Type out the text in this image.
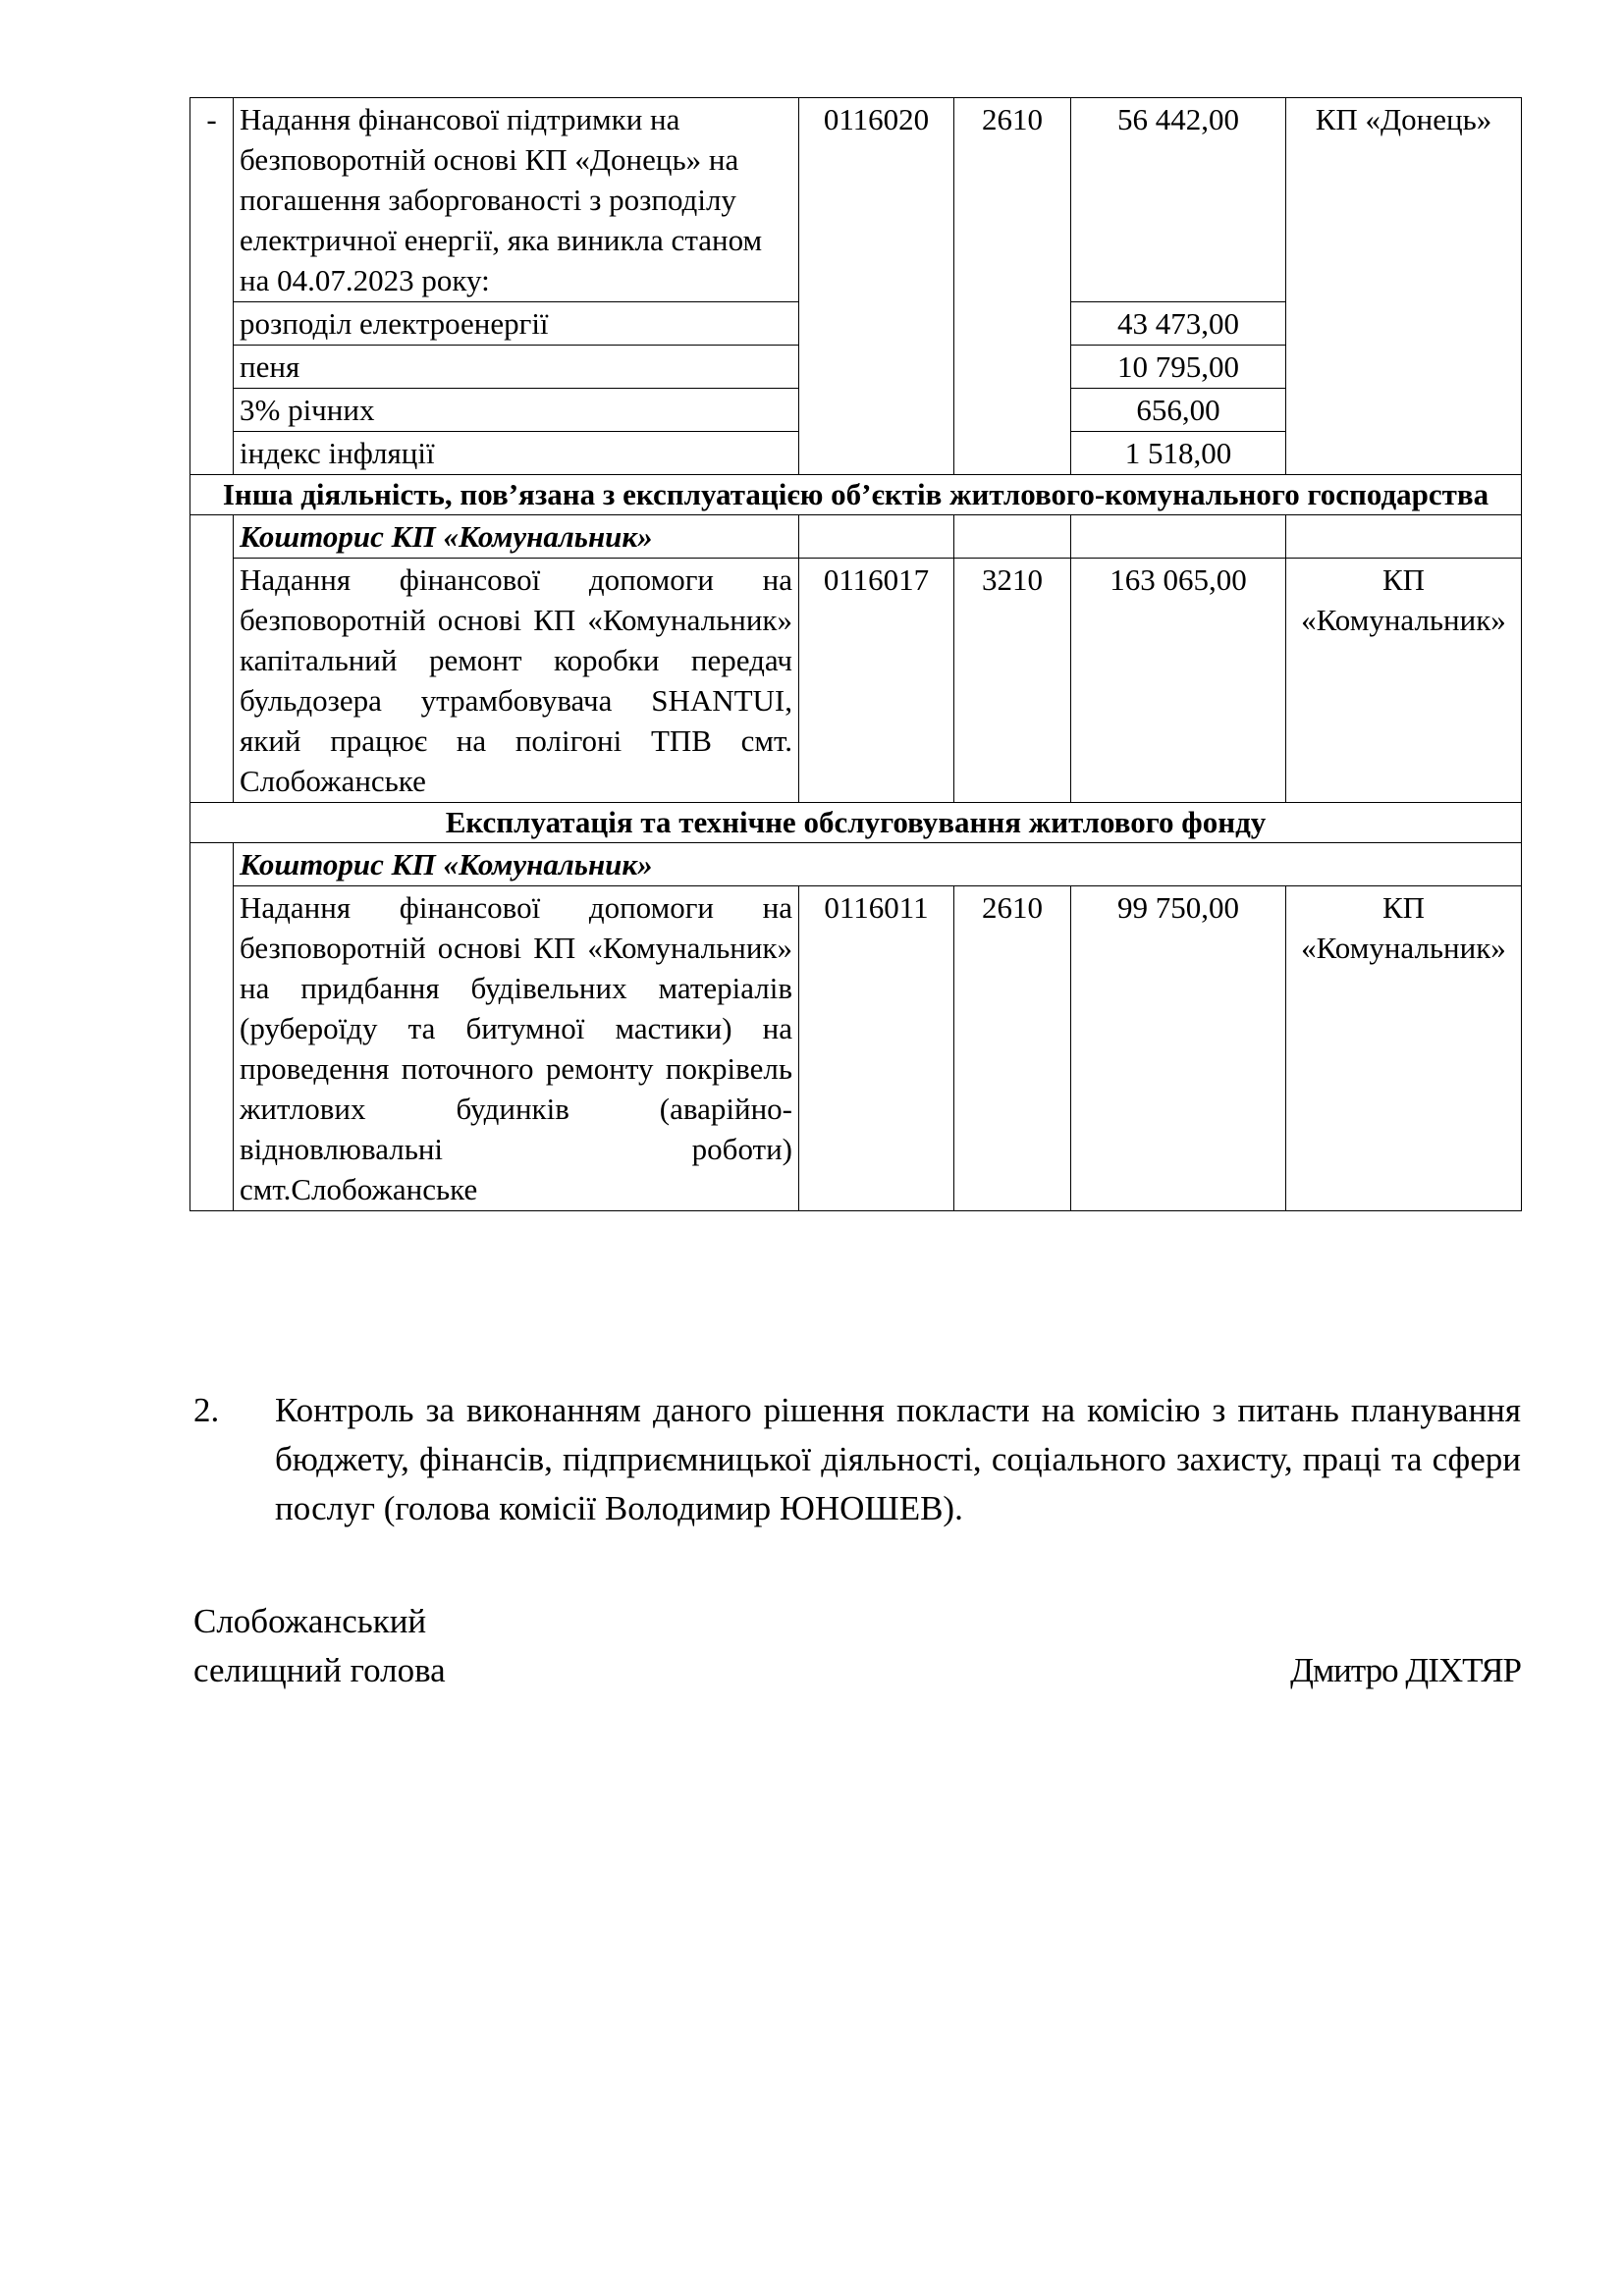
-	Надання фінансової підтримки на безповоротній основі КП «Донець» на погашення заборгованості з розподілу електричної енергії, яка виникла станом на 04.07.2023 року:	0116020	2610	56 442,00	КП «Донець»
	розподіл електроенергії			43 473,00	
	пеня			10 795,00	
	3% річних			656,00	
	індекс інфляції			1 518,00	
Інша діяльність, пов’язана з експлуатацією об’єктів житлового-комунального господарства					
	Кошторис КП «Комунальник»				
	Надання фінансової допомоги на безповоротній основі КП «Комунальник» капітальний ремонт коробки передач бульдозера утрамбовувача SHANTUI, який працює на полігоні ТПВ смт. Слобожанське	0116017	3210	163 065,00	КП «Комунальник»
Експлуатація та технічне обслуговування житлового фонду					
	Кошторис КП «Комунальник»				
	Надання фінансової допомоги на безповоротній основі КП «Комунальник» на придбання будівельних матеріалів (рубероїду та битумної мастики) на проведення поточного ремонту покрівель житлових будинків (аварійно-відновлювальні роботи) смт.Слобожанське	0116011	2610	99 750,00	КП «Комунальник»
2. Контроль за виконанням даного рішення покласти на комісію з питань планування бюджету, фінансів, підприємницької діяльності, соціального захисту, праці та сфери послуг (голова комісії Володимир ЮНОШЕВ).
Слобожанський
селищний голова	Дмитро ДІХТЯР
